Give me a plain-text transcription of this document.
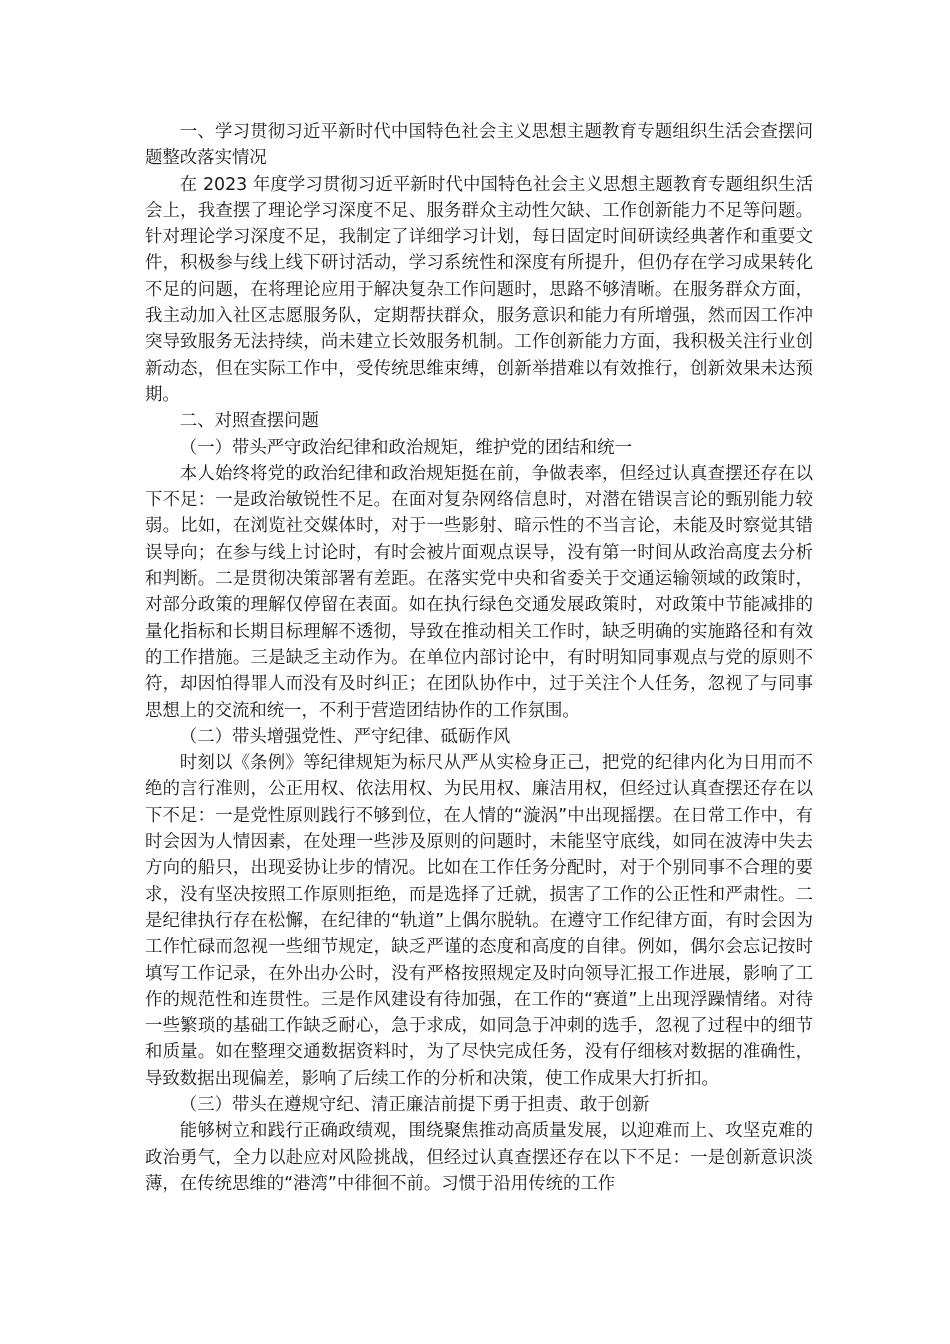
一、学习贯彻习近平新时代中国特色社会主义思想主题教育专题组织生活会查摆问题整改落实情况

在 2023 年度学习贯彻习近平新时代中国特色社会主义思想主题教育专题组织生活会上，我查摆了理论学习深度不足、服务群众主动性欠缺、工作创新能力不足等问题。针对理论学习深度不足，我制定了详细学习计划，每日固定时间研读经典著作和重要文件，积极参与线上线下研讨活动，学习系统性和深度有所提升，但仍存在学习成果转化不足的问题，在将理论应用于解决复杂工作问题时，思路不够清晰。在服务群众方面，我主动加入社区志愿服务队，定期帮扶群众，服务意识和能力有所增强，然而因工作冲突导致服务无法持续，尚未建立长效服务机制。工作创新能力方面，我积极关注行业创新动态，但在实际工作中，受传统思维束缚，创新举措难以有效推行，创新效果未达预期。

二、对照查摆问题

（一）带头严守政治纪律和政治规矩，维护党的团结和统一

本人始终将党的政治纪律和政治规矩挺在前，争做表率，但经过认真查摆还存在以下不足：一是政治敏锐性不足。在面对复杂网络信息时，对潜在错误言论的甄别能力较弱。比如，在浏览社交媒体时，对于一些影射、暗示性的不当言论，未能及时察觉其错误导向；在参与线上讨论时，有时会被片面观点误导，没有第一时间从政治高度去分析和判断。二是贯彻决策部署有差距。在落实党中央和省委关于交通运输领域的政策时，对部分政策的理解仅停留在表面。如在执行绿色交通发展政策时，对政策中节能减排的量化指标和长期目标理解不透彻，导致在推动相关工作时，缺乏明确的实施路径和有效的工作措施。三是缺乏主动作为。在单位内部讨论中，有时明知同事观点与党的原则不符，却因怕得罪人而没有及时纠正；在团队协作中，过于关注个人任务，忽视了与同事思想上的交流和统一，不利于营造团结协作的工作氛围。

（二）带头增强党性、严守纪律、砥砺作风

时刻以《条例》等纪律规矩为标尺从严从实检身正己，把党的纪律内化为日用而不绝的言行准则，公正用权、依法用权、为民用权、廉洁用权，但经过认真查摆还存在以下不足：一是党性原则践行不够到位，在人情的“漩涡”中出现摇摆。在日常工作中，有时会因为人情因素，在处理一些涉及原则的问题时，未能坚守底线，如同在波涛中失去方向的船只，出现妥协让步的情况。比如在工作任务分配时，对于个别同事不合理的要求，没有坚决按照工作原则拒绝，而是选择了迁就，损害了工作的公正性和严肃性。二是纪律执行存在松懈，在纪律的“轨道”上偶尔脱轨。在遵守工作纪律方面，有时会因为工作忙碌而忽视一些细节规定，缺乏严谨的态度和高度的自律。例如，偶尔会忘记按时填写工作记录，在外出办公时，没有严格按照规定及时向领导汇报工作进展，影响了工作的规范性和连贯性。三是作风建设有待加强，在工作的“赛道”上出现浮躁情绪。对待一些繁琐的基础工作缺乏耐心，急于求成，如同急于冲刺的选手，忽视了过程中的细节和质量。如在整理交通数据资料时，为了尽快完成任务，没有仔细核对数据的准确性，导致数据出现偏差，影响了后续工作的分析和决策，使工作成果大打折扣。

（三）带头在遵规守纪、清正廉洁前提下勇于担责、敢于创新

能够树立和践行正确政绩观，围绕聚焦推动高质量发展，以迎难而上、攻坚克难的政治勇气，全力以赴应对风险挑战，但经过认真查摆还存在以下不足：一是创新意识淡薄，在传统思维的“港湾”中徘徊不前。习惯于沿用传统的工作
